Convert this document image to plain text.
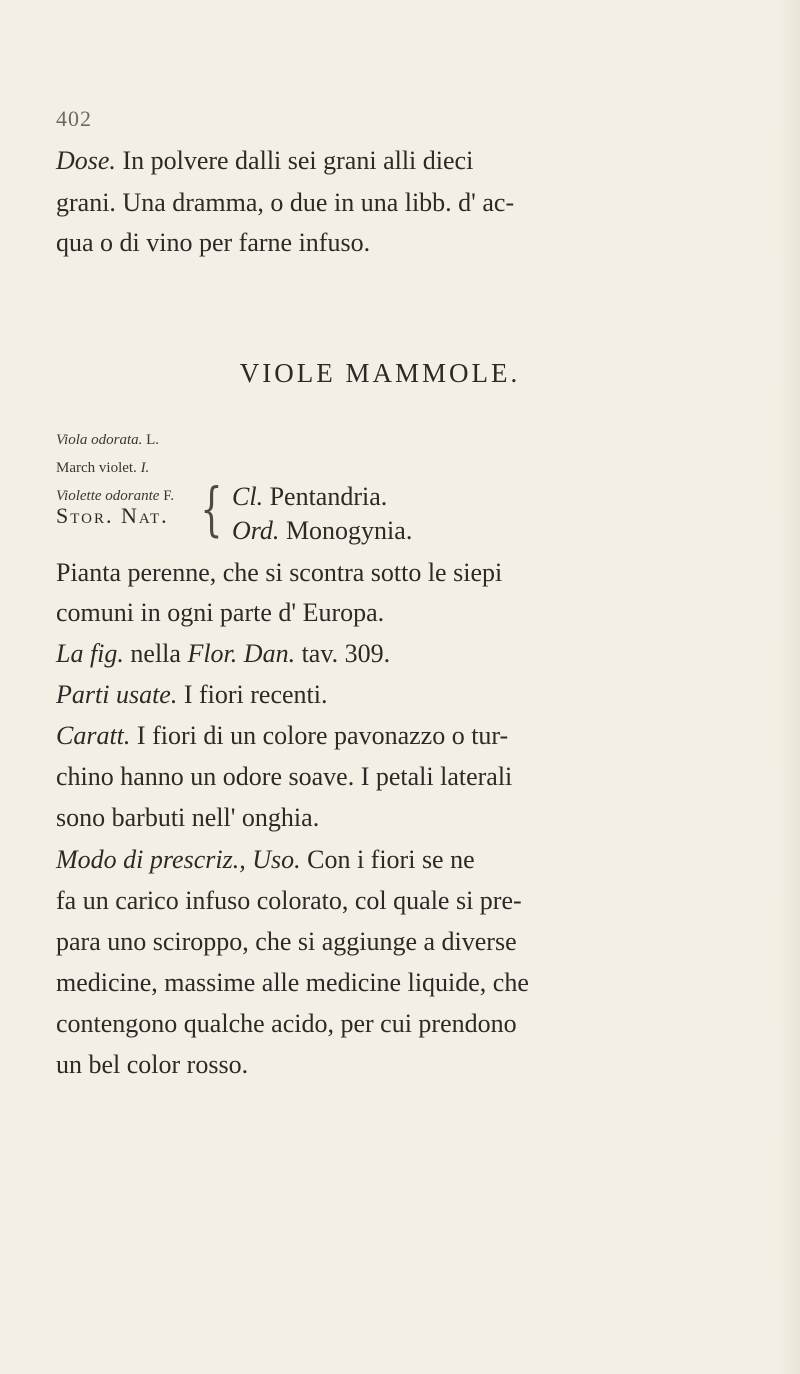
402
Dose. In polvere dalli sei grani alli dieci
grani. Una dramma, o due in una libb. d' ac-
qua o di vino per farne infuso.
VIOLE MAMMOLE.
Viola odorata. L.
March violet. I.
Violette odorante F.
Stor. Nat. { Cl. Pentandria.
Ord. Monogynia.
Pianta perenne, che si scontra sotto le siepi
comuni in ogni parte d' Europa.
La fig. nella Flor. Dan. tav. 309.
Parti usate. I fiori recenti.
Caratt. I fiori di un colore pavonazzo o tur-
chino hanno un odore soave. I petali laterali
sono barbuti nell' onghia.
Modo di prescriz., Uso. Con i fiori se ne
fa un carico infuso colorato, col quale si pre-
para uno sciroppo, che si aggiunge a diverse
medicine, massime alle medicine liquide, che
contengono qualche acido, per cui prendono
un bel color rosso.
